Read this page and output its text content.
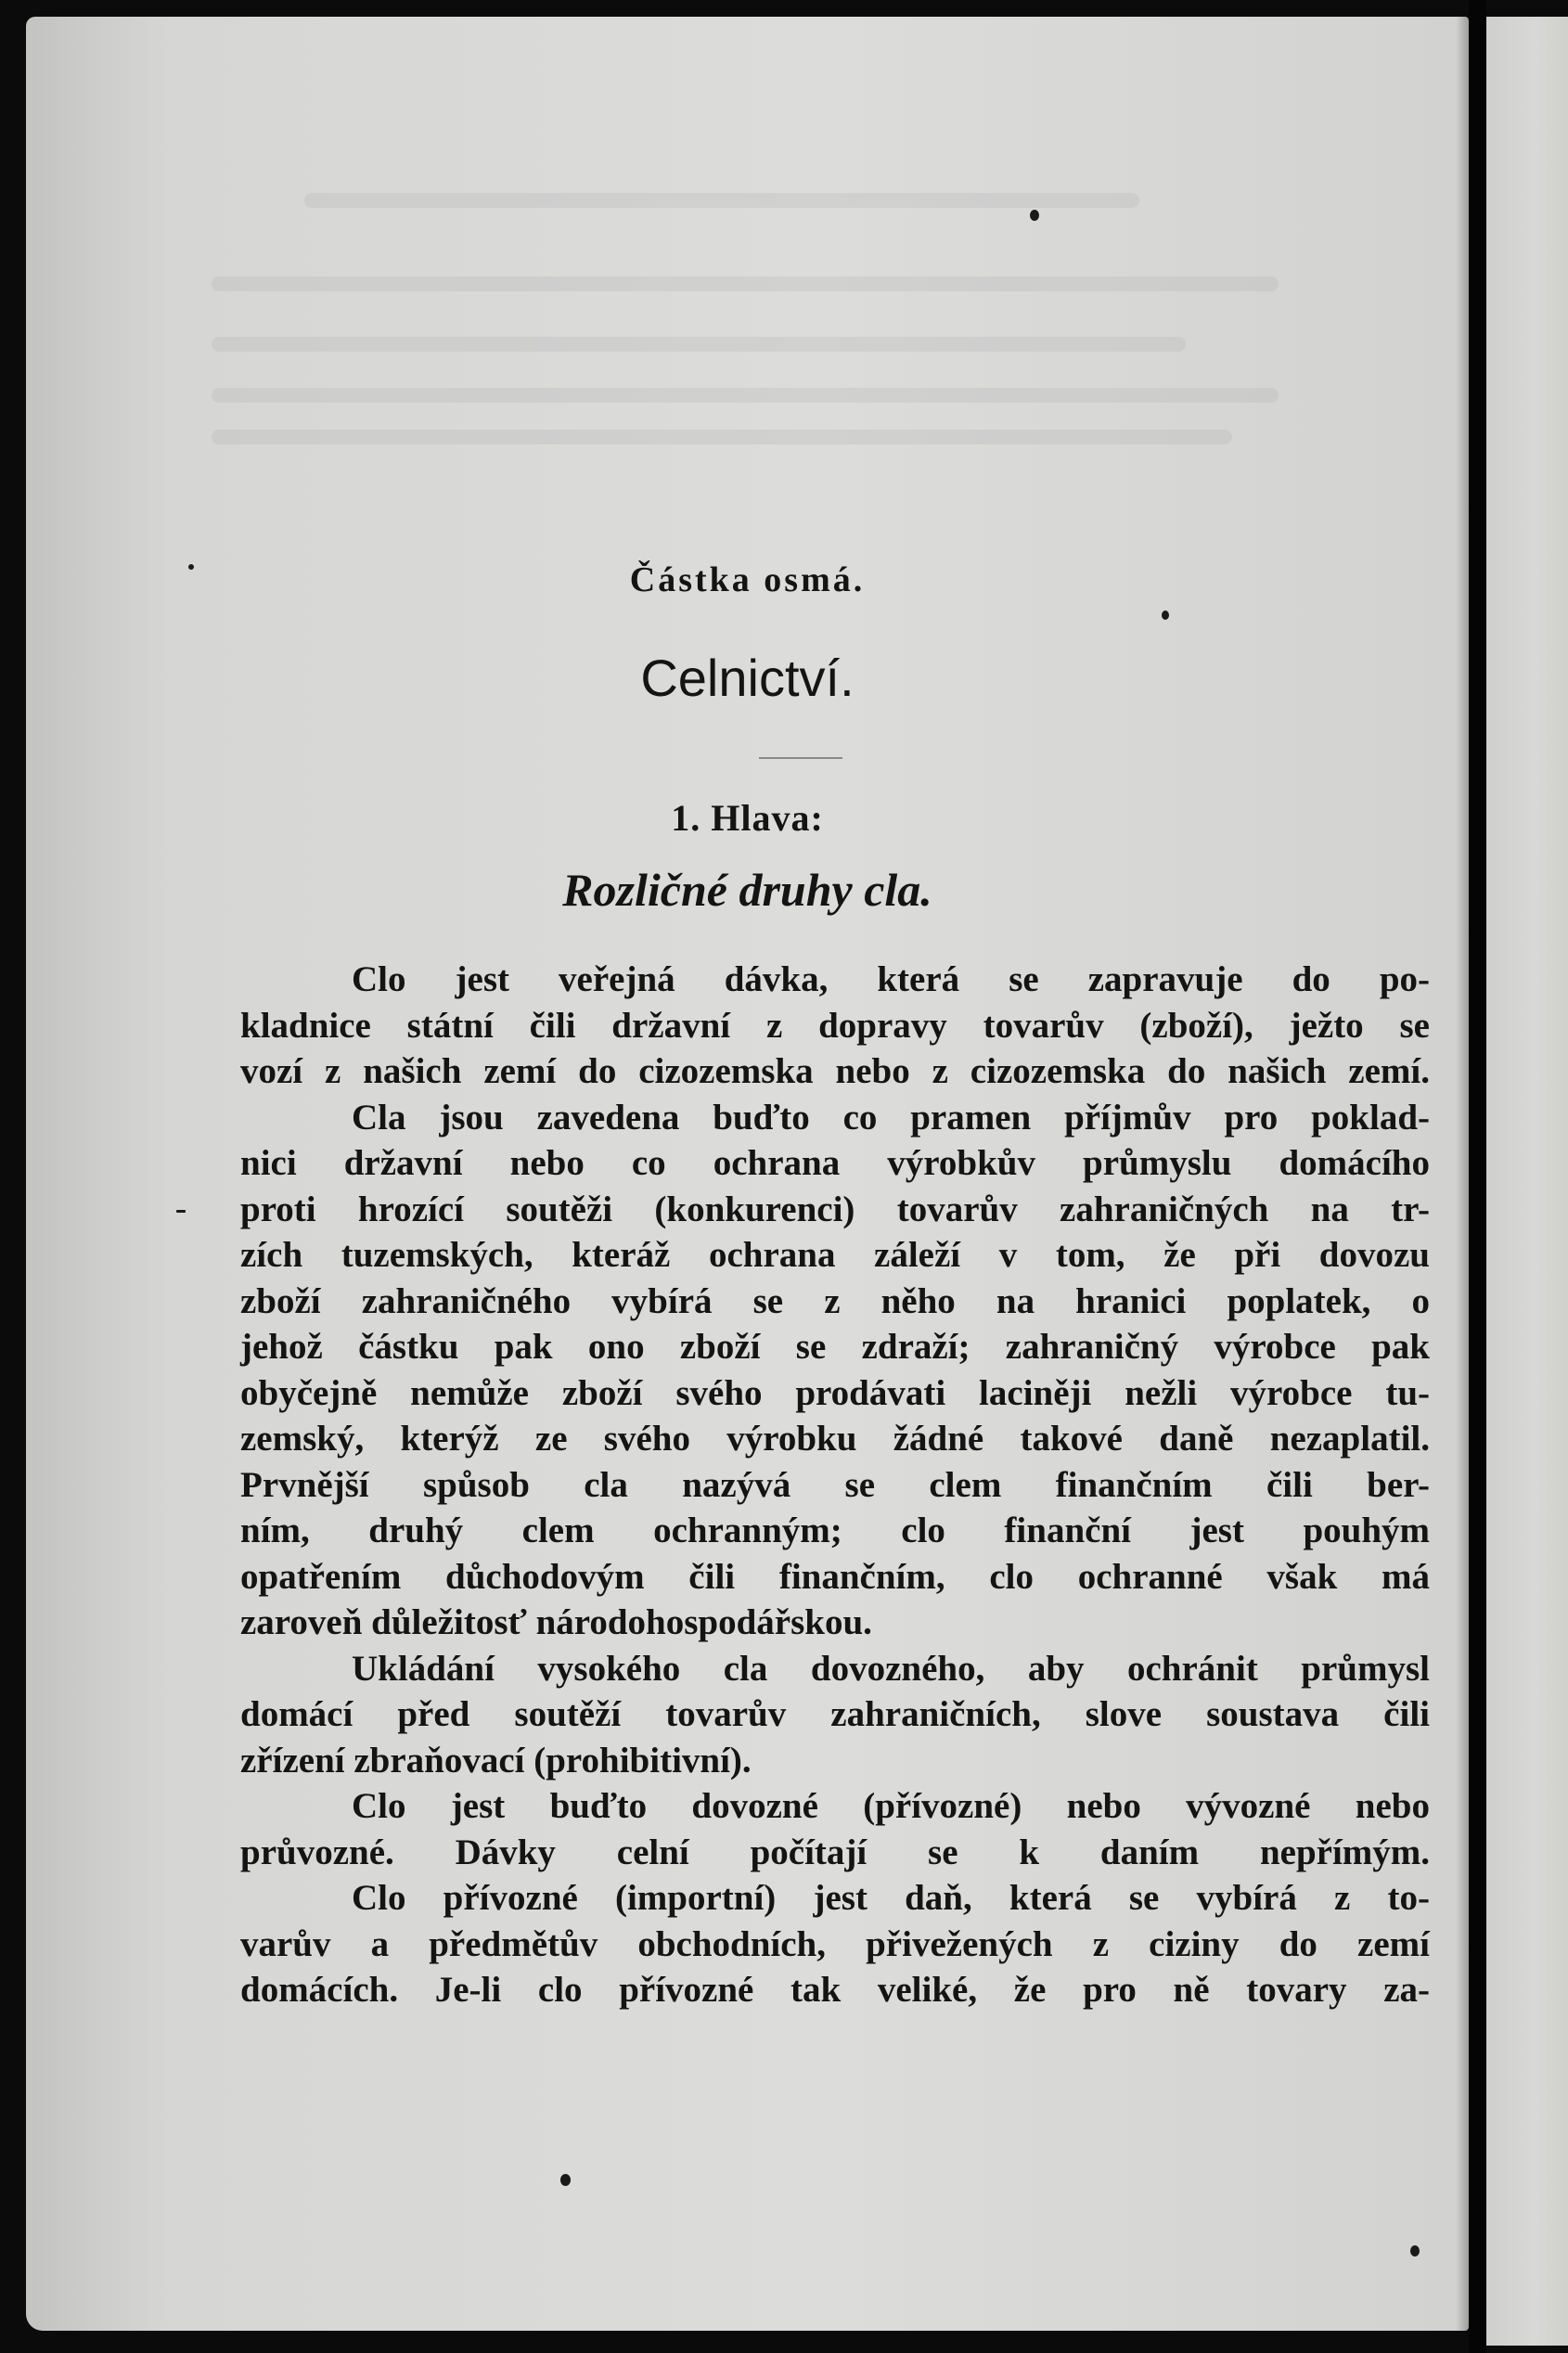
Částka osmá.
Celnictví.
1. Hlava:
Rozličné druhy cla.
Clo jest veřejná dávka, která se zapravuje do po-
kladnice státní čili državní z dopravy tovarův (zboží), ježto se
vozí z našich zemí do cizozemska nebo z cizozemska do našich zemí.
Cla jsou zavedena buďto co pramen příjmův pro poklad-
nici državní nebo co ochrana výrobkův průmyslu domácího
proti hrozící soutěži (konkurenci) tovarův zahraničných na tr-
zích tuzemských, kteráž ochrana záleží v tom, že při dovozu
zboží zahraničného vybírá se z něho na hranici poplatek, o
jehož částku pak ono zboží se zdraží; zahraničný výrobce pak
obyčejně nemůže zboží svého prodávati laciněji nežli výrobce tu-
zemský, kterýž ze svého výrobku žádné takové daně nezaplatil.
Prvnější spůsob cla nazývá se clem finančním čili ber-
ním, druhý clem ochranným; clo finanční jest pouhým
opatřením důchodovým čili finančním, clo ochranné však má
zaroveň důležitosť národohospodářskou.
Ukládání vysokého cla dovozného, aby ochránit průmysl
domácí před soutěží tovarův zahraničních, slove soustava čili
zřízení zbraňovací (prohibitivní).
Clo jest buďto dovozné (přívozné) nebo vývozné nebo
průvozné. Dávky celní počítají se k daním nepřímým.
Clo přívozné (importní) jest daň, která se vybírá z to-
varův a předmětův obchodních, přivežených z ciziny do zemí
domácích. Je-li clo přívozné tak veliké, že pro ně tovary za-
